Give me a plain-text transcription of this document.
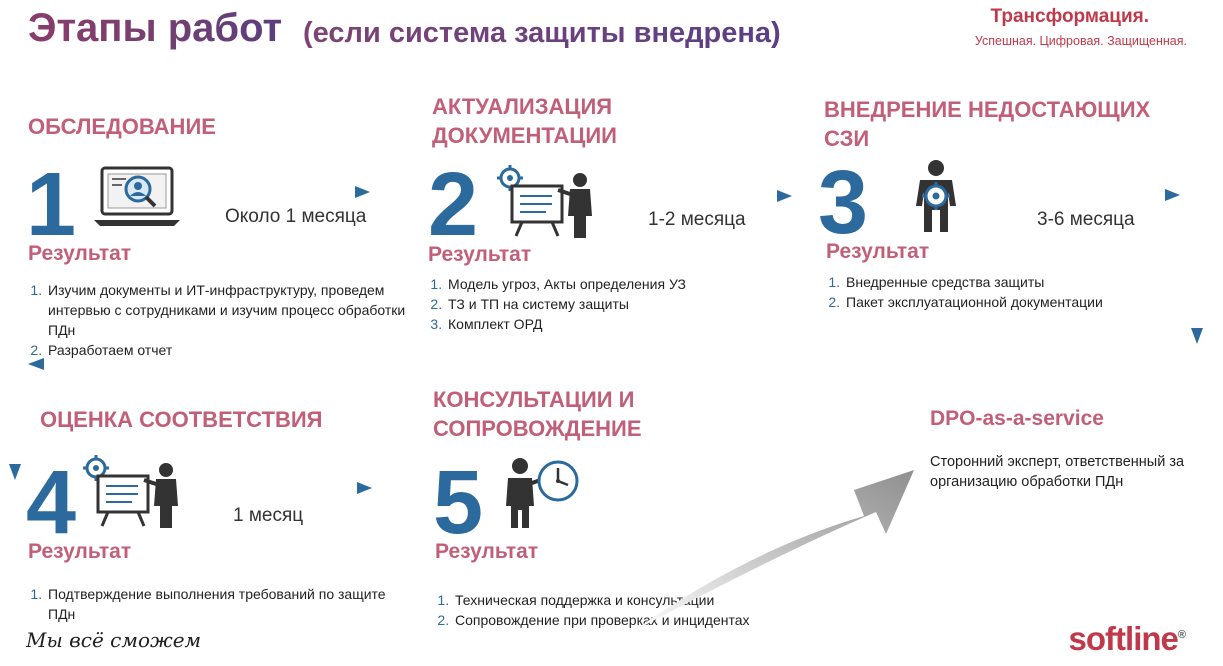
Этапы работ (если система защиты внедрена)
Трансформация.
Успешная. Цифровая. Защищенная.
ОБСЛЕДОВАНИЕ
1	Около 1 месяца
Результат
1. Изучим документы и ИТ-инфраструктуру, проведем интервью с сотрудниками и изучим процесс обработки ПДн
2. Разработаем отчет
АКТУАЛИЗАЦИЯ
ДОКУМЕНТАЦИИ
2	1-2 месяца
Результат
1. Модель угроз, Акты определения УЗ
2. ТЗ и ТП на систему защиты
3. Комплект ОРД
ВНЕДРЕНИЕ НЕДОСТАЮЩИХ
СЗИ
3	3-6 месяца
Результат
1. Внедренные средства защиты
2. Пакет эксплуатационной документации
ОЦЕНКА СООТВЕТСТВИЯ
4	1 месяц
Результат
1. Подтверждение выполнения требований по защите ПДн
КОНСУЛЬТАЦИИ И
СОПРОВОЖДЕНИЕ
5
Результат
1. Техническая поддержка и консультации
2. Сопровождение при проверках и инцидентах
DPO-as-a-service
Сторонний эксперт, ответственный за организацию обработки ПДн
Мы всё сможем	softline®
